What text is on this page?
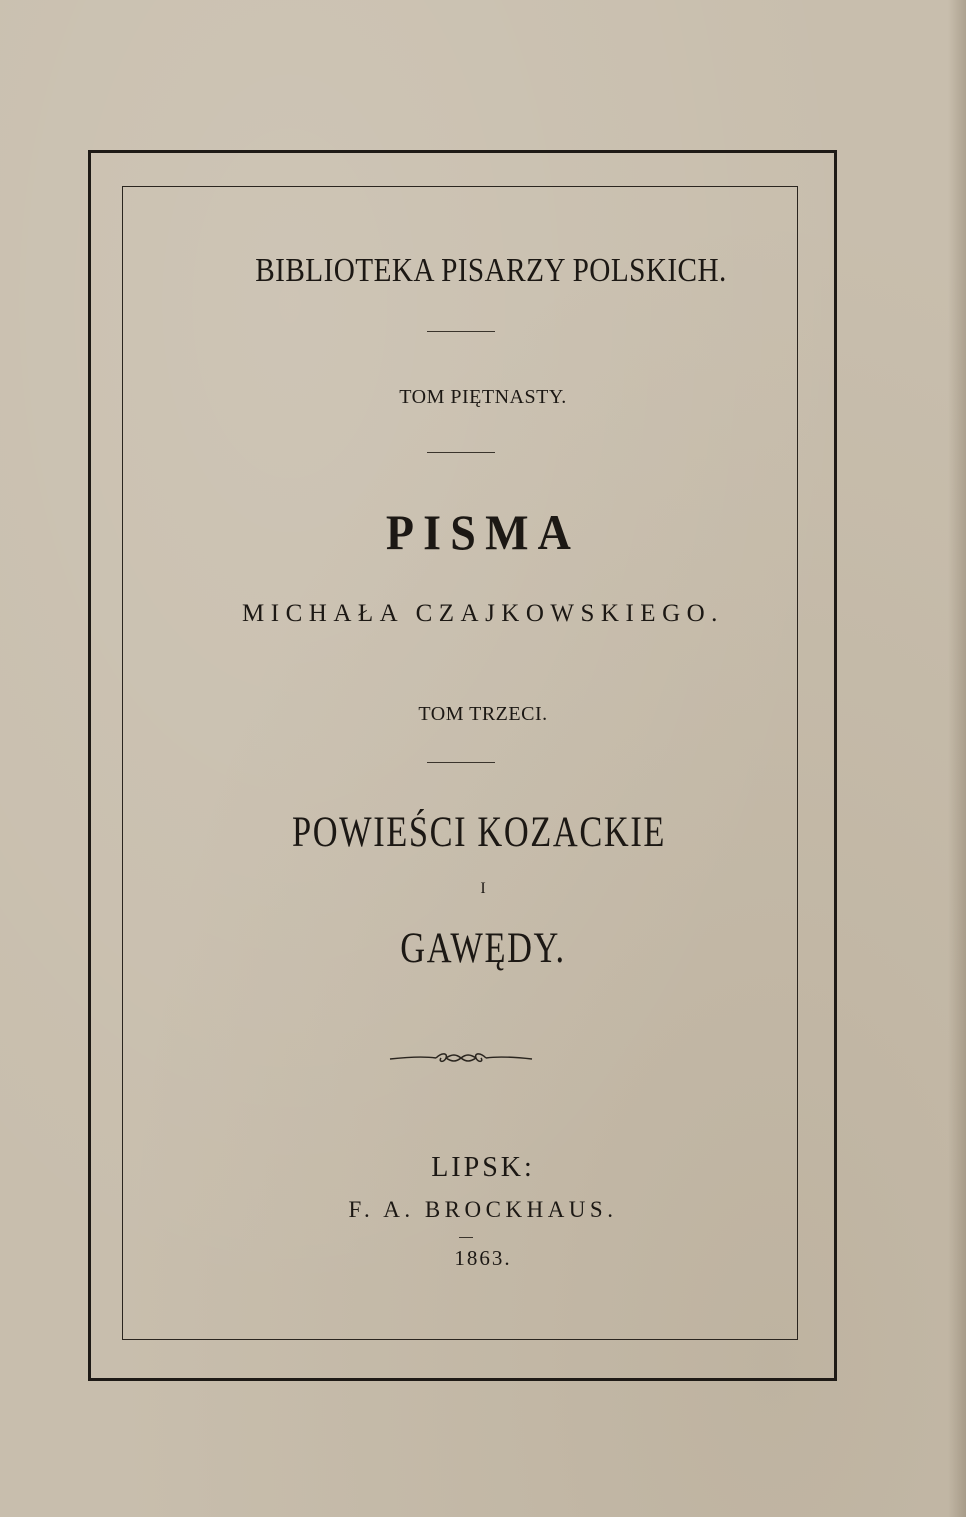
BIBLIOTEKA PISARZY POLSKICH.
TOM PIĘTNASTY.
PISMA
MICHAŁA CZAJKOWSKIEGO.
TOM TRZECI.
POWIEŚCI KOZACKIE
I
GAWĘDY.
LIPSK:
F. A. BROCKHAUS.
1863.
